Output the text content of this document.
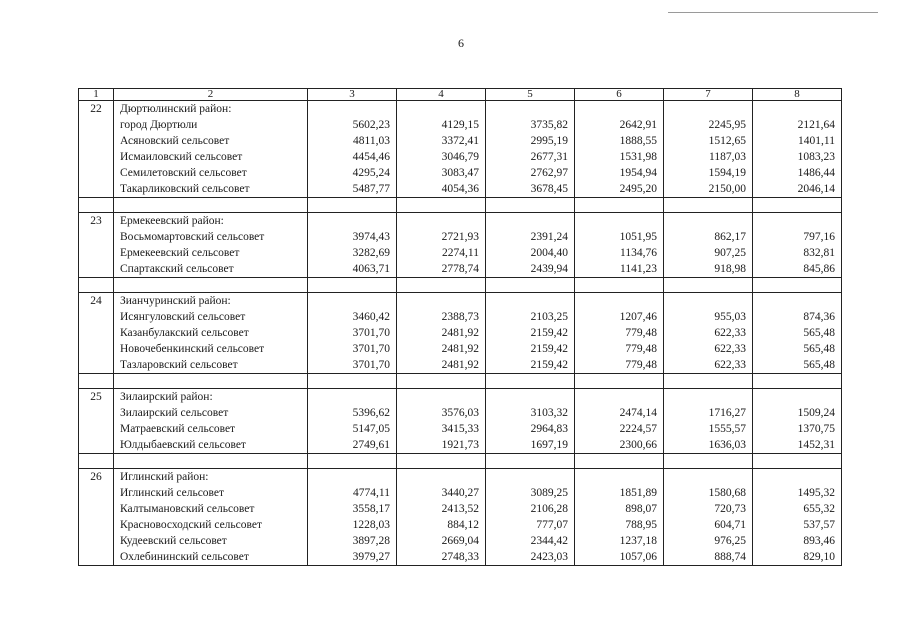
6
1	2	3	4	5	6	7	8
22	Дюртюлинский район:						
	город Дюртюли	5602,23	4129,15	3735,82	2642,91	2245,95	2121,64
	Асяновский сельсовет	4811,03	3372,41	2995,19	1888,55	1512,65	1401,11
	Исмаиловский сельсовет	4454,46	3046,79	2677,31	1531,98	1187,03	1083,23
	Семилетовский сельсовет	4295,24	3083,47	2762,97	1954,94	1594,19	1486,44
	Такарликовский сельсовет	5487,77	4054,36	3678,45	2495,20	2150,00	2046,14

23	Ермекеевский район:						
	Восьмомартовский сельсовет	3974,43	2721,93	2391,24	1051,95	862,17	797,16
	Ермекеевский сельсовет	3282,69	2274,11	2004,40	1134,76	907,25	832,81
	Спартакский сельсовет	4063,71	2778,74	2439,94	1141,23	918,98	845,86

24	Зианчуринский район:						
	Исянгуловский сельсовет	3460,42	2388,73	2103,25	1207,46	955,03	874,36
	Казанбулакский сельсовет	3701,70	2481,92	2159,42	779,48	622,33	565,48
	Новочебенкинский сельсовет	3701,70	2481,92	2159,42	779,48	622,33	565,48
	Тазларовский сельсовет	3701,70	2481,92	2159,42	779,48	622,33	565,48

25	Зилаирский район:						
	Зилаирский сельсовет	5396,62	3576,03	3103,32	2474,14	1716,27	1509,24
	Матраевский сельсовет	5147,05	3415,33	2964,83	2224,57	1555,57	1370,75
	Юлдыбаевский сельсовет	2749,61	1921,73	1697,19	2300,66	1636,03	1452,31

26	Иглинский район:						
	Иглинский сельсовет	4774,11	3440,27	3089,25	1851,89	1580,68	1495,32
	Калтымановский сельсовет	3558,17	2413,52	2106,28	898,07	720,73	655,32
	Красновосходский сельсовет	1228,03	884,12	777,07	788,95	604,71	537,57
	Кудеевский сельсовет	3897,28	2669,04	2344,42	1237,18	976,25	893,46
	Охлебининский сельсовет	3979,27	2748,33	2423,03	1057,06	888,74	829,10
